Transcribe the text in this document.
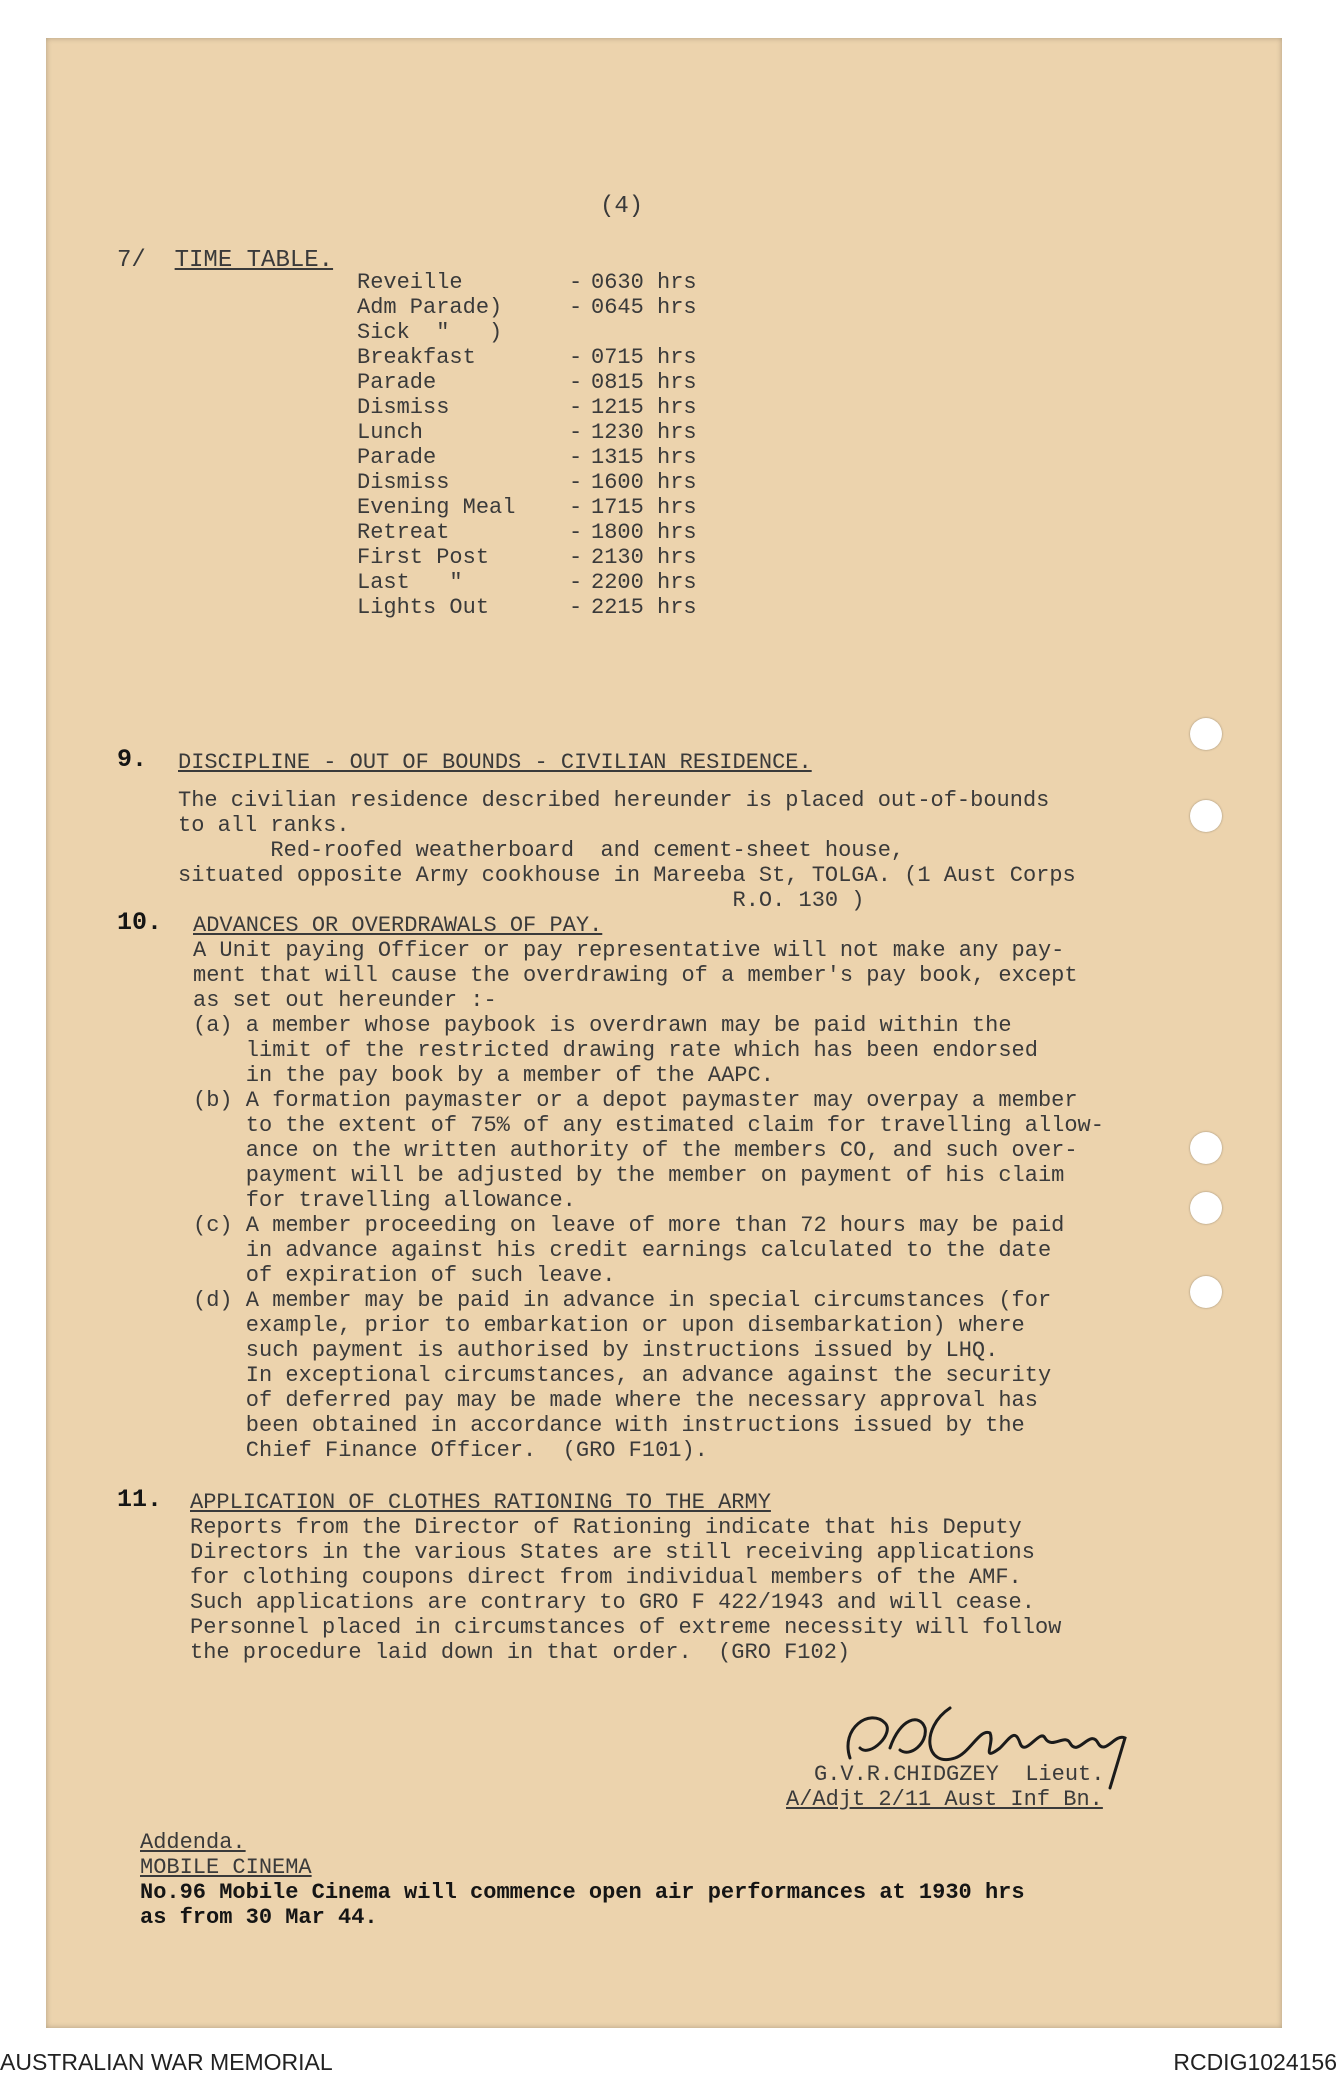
(4)
7/ TIME TABLE.
Reveille	- 0630 hrs
Adm Parade)	- 0645 hrs
Sick  "   )
Breakfast	- 0715 hrs
Parade	- 0815 hrs
Dismiss	- 1215 hrs
Lunch	- 1230 hrs
Parade	- 1315 hrs
Dismiss	- 1600 hrs
Evening Meal - 1715 hrs
Retreat	- 1800 hrs
First Post	- 2130 hrs
Last   "	- 2200 hrs
Lights Out	- 2215 hrs
9. DISCIPLINE - OUT OF BOUNDS - CIVILIAN RESIDENCE.
The civilian residence described hereunder is placed out-of-bounds
to all ranks.
Red-roofed weatherboard  and cement-sheet house,
situated opposite Army cookhouse in Mareeba St, TOLGA. (1 Aust Corps
R.O. 130 )
10. ADVANCES OR OVERDRAWALS OF PAY.
A Unit paying Officer or pay representative will not make any pay-
ment that will cause the overdrawing of a member's pay book, except
as set out hereunder :-
(a) a member whose paybook is overdrawn may be paid within the
limit of the restricted drawing rate which has been endorsed
in the pay book by a member of the AAPC.
(b) A formation paymaster or a depot paymaster may overpay a member
to the extent of 75% of any estimated claim for travelling allow-
ance on the written authority of the members CO, and such over-
payment will be adjusted by the member on payment of his claim
for travelling allowance.
(c) A member proceeding on leave of more than 72 hours may be paid
in advance against his credit earnings calculated to the date
of expiration of such leave.
(d) A member may be paid in advance in special circumstances (for
example, prior to embarkation or upon disembarkation) where
such payment is authorised by instructions issued by LHQ.
In exceptional circumstances, an advance against the security
of deferred pay may be made where the necessary approval has
been obtained in accordance with instructions issued by the
Chief Finance Officer.  (GRO F101).
11. APPLICATION OF CLOTHES RATIONING TO THE ARMY
Reports from the Director of Rationing indicate that his Deputy
Directors in the various States are still receiving applications
for clothing coupons direct from individual members of the AMF.
Such applications are contrary to GRO F 422/1943 and will cease.
Personnel placed in circumstances of extreme necessity will follow
the procedure laid down in that order.  (GRO F102)
G.V.R.CHIDGZEY  Lieut.
A/Adjt 2/11 Aust Inf Bn.
Addenda.
MOBILE CINEMA
No.96 Mobile Cinema will commence open air performances at 1930 hrs
as from 30 Mar 44.
AUSTRALIAN WAR MEMORIAL	RCDIG1024156
